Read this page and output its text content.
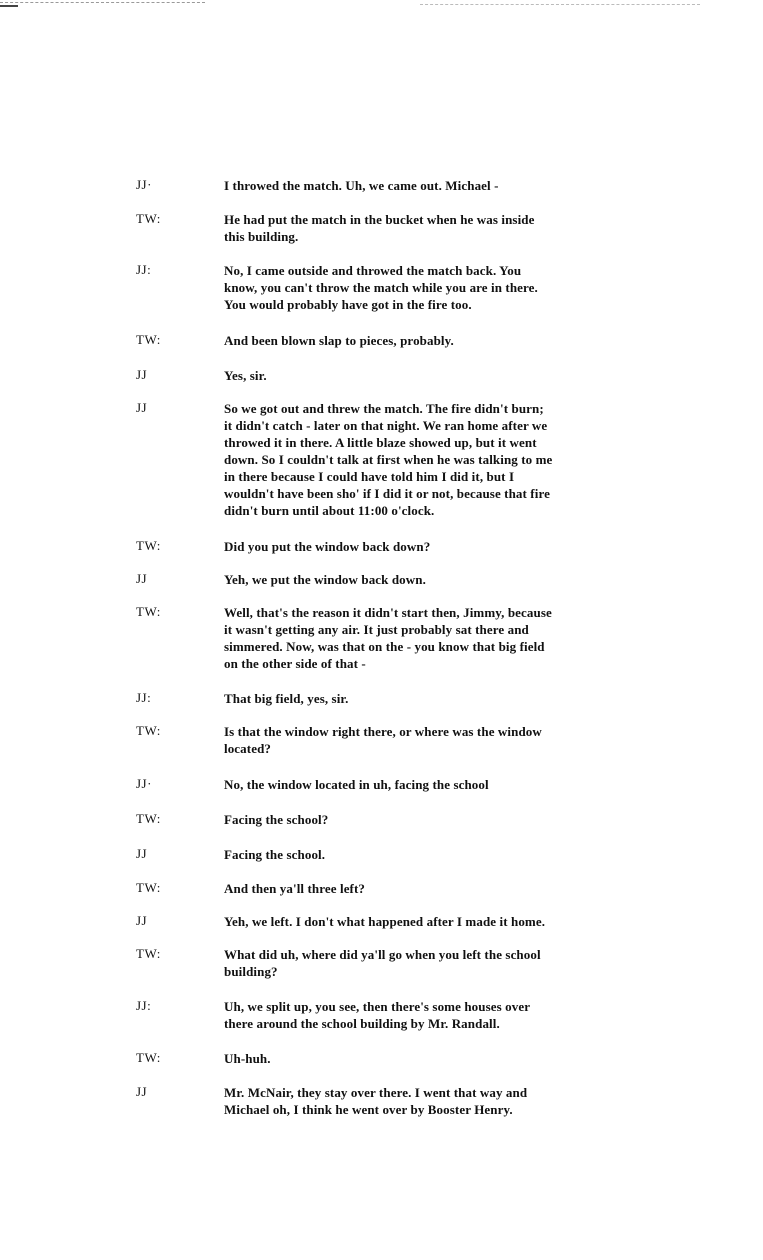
JJ·	I throwed the match. Uh, we came out. Michael -
TW:	He had put the match in the bucket when he was inside
this building.
JJ:	No, I came outside and throwed the match back. You
know, you can't throw the match while you are in there.
You would probably have got in the fire too.
TW:	And been blown slap to pieces, probably.
JJ	Yes, sir.
JJ	So we got out and threw the match. The fire didn't burn;
it didn't catch - later on that night. We ran home after we
throwed it in there. A little blaze showed up, but it went
down. So I couldn't talk at first when he was talking to me
in there because I could have told him I did it, but I
wouldn't have been sho' if I did it or not, because that fire
didn't burn until about 11:00 o'clock.
TW:	Did you put the window back down?
JJ	Yeh, we put the window back down.
TW:	Well, that's the reason it didn't start then, Jimmy, because
it wasn't getting any air. It just probably sat there and
simmered. Now, was that on the - you know that big field
on the other side of that -
JJ:	That big field, yes, sir.
TW:	Is that the window right there, or where was the window
located?
JJ·	No, the window located in uh, facing the school
TW:	Facing the school?
JJ	Facing the school.
TW:	And then ya'll three left?
JJ	Yeh, we left. I don't what happened after I made it home.
TW:	What did uh, where did ya'll go when you left the school
building?
JJ:	Uh, we split up, you see, then there's some houses over
there around the school building by Mr. Randall.
TW:	Uh-huh.
JJ	Mr. McNair, they stay over there. I went that way and
Michael oh, I think he went over by Booster Henry.
